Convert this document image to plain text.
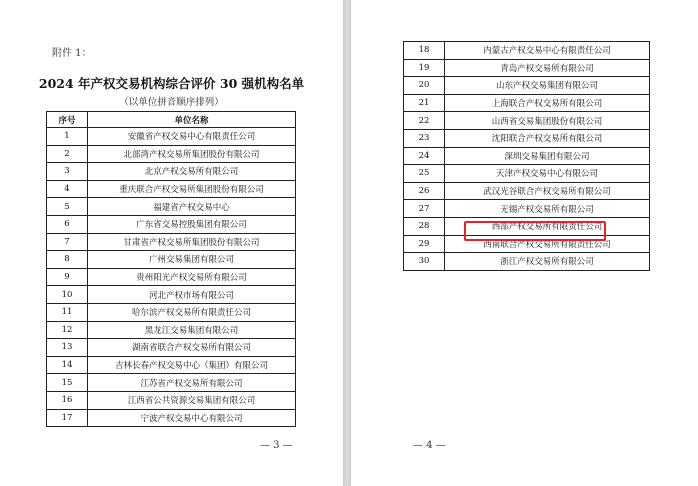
附件 1：
2024 年产权交易机构综合评价 30 强机构名单
（以单位拼音顺序排列）
序号	单位名称
1	安徽省产权交易中心有限责任公司
2	北部湾产权交易所集团股份有限公司
3	北京产权交易所有限公司
4	重庆联合产权交易所集团股份有限公司
5	福建省产权交易中心
6	广东省交易控股集团有限公司
7	甘肃省产权交易所集团股份有限公司
8	广州交易集团有限公司
9	贵州阳光产权交易所有限公司
10	河北产权市场有限公司
11	哈尔滨产权交易所有限责任公司
12	黑龙江交易集团有限公司
13	湖南省联合产权交易所有限公司
14	吉林长春产权交易中心（集团）有限公司
15	江苏省产权交易所有限公司
16	江西省公共资源交易集团有限公司
17	宁波产权交易中心有限公司
— 3 —
18	内蒙古产权交易中心有限责任公司
19	青岛产权交易所有限公司
20	山东产权交易集团有限公司
21	上海联合产权交易所有限公司
22	山西省交易集团股份有限公司
23	沈阳联合产权交易所有限公司
24	深圳交易集团有限公司
25	天津产权交易中心有限公司
26	武汉光谷联合产权交易所有限公司
27	无锡产权交易所有限公司
28	西部产权交易所有限责任公司
29	西南联合产权交易所有限责任公司
30	浙江产权交易所有限公司
— 4 —
